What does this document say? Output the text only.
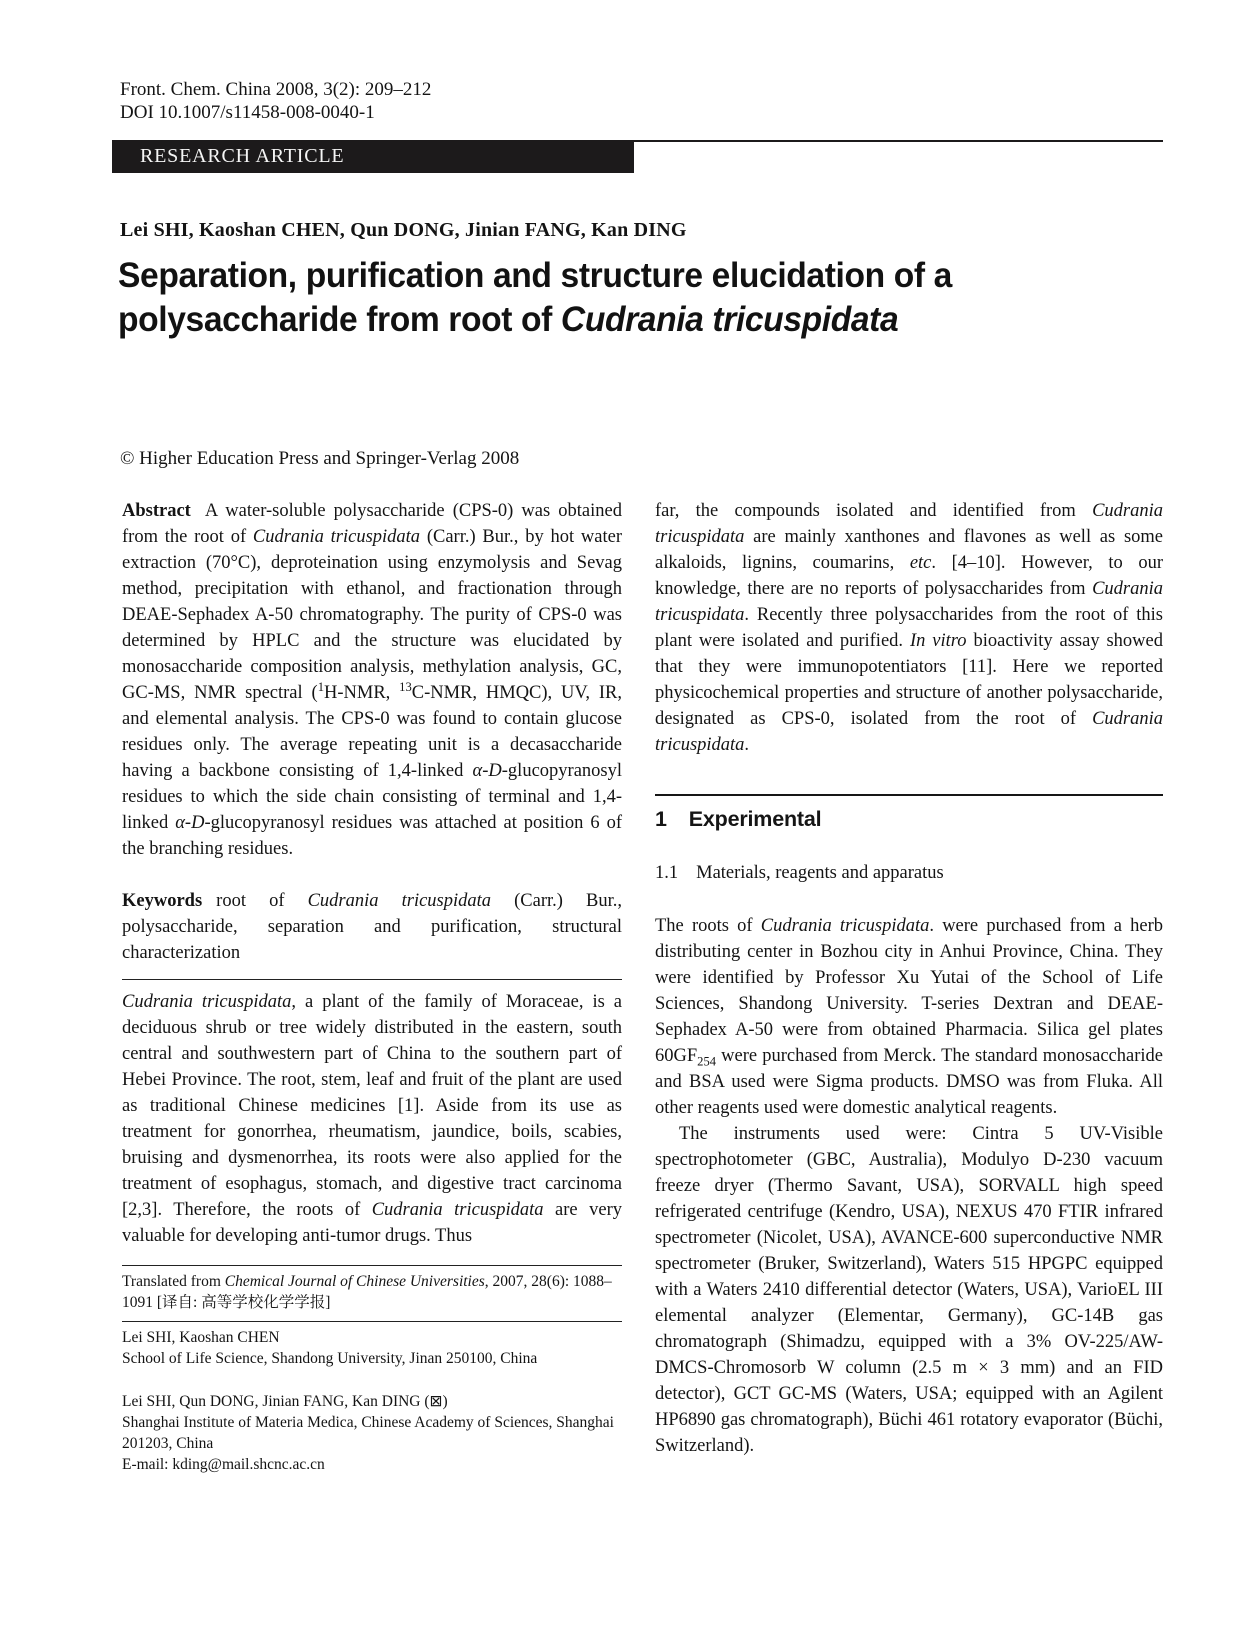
Front. Chem. China 2008, 3(2): 209–212
DOI 10.1007/s11458-008-0040-1
RESEARCH ARTICLE
Lei SHI, Kaoshan CHEN, Qun DONG, Jinian FANG, Kan DING
Separation, purification and structure elucidation of a
polysaccharide from root of Cudrania tricuspidata
© Higher Education Press and Springer-Verlag 2008

Abstract A water-soluble polysaccharide (CPS-0) was obtained from the root of Cudrania tricuspidata (Carr.) Bur., by hot water extraction (70°C), deproteination using enzymolysis and Sevag method, precipitation with ethanol, and fractionation through DEAE-Sephadex A-50 chromatography. The purity of CPS-0 was determined by HPLC and the structure was elucidated by monosaccharide composition analysis, methylation analysis, GC, GC-MS, NMR spectral ($^1$H-NMR, $^{13}$C-NMR, HMQC), UV, IR, and elemental analysis. The CPS-0 was found to contain glucose residues only. The average repeating unit is a decasaccharide having a backbone consisting of 1,4-linked α-D-glucopyranosyl residues to which the side chain consisting of terminal and 1,4-linked α-D-glucopyranosyl residues was attached at position 6 of the branching residues.

Keywords root of Cudrania tricuspidata (Carr.) Bur., polysaccharide, separation and purification, structural characterization

Cudrania tricuspidata, a plant of the family of Moraceae, is a deciduous shrub or tree widely distributed in the eastern, south central and southwestern part of China to the southern part of Hebei Province. The root, stem, leaf and fruit of the plant are used as traditional Chinese medicines [1]. Aside from its use as treatment for gonorrhea, rheumatism, jaundice, boils, scabies, bruising and dysmenorrhea, its roots were also applied for the treatment of esophagus, stomach, and digestive tract carcinoma [2,3]. Therefore, the roots of Cudrania tricuspidata are very valuable for developing anti-tumor drugs. Thus

Translated from Chemical Journal of Chinese Universities, 2007, 28(6): 1088–1091 [译自: 高等学校化学学报]
Lei SHI, Kaoshan CHEN
School of Life Science, Shandong University, Jinan 250100, China
Lei SHI, Qun DONG, Jinian FANG, Kan DING (⊠)
Shanghai Institute of Materia Medica, Chinese Academy of Sciences, Shanghai 201203, China
E-mail: kding@mail.shcnc.ac.cn

far, the compounds isolated and identified from Cudrania tricuspidata are mainly xanthones and flavones as well as some alkaloids, lignins, coumarins, etc. [4–10]. However, to our knowledge, there are no reports of polysaccharides from Cudrania tricuspidata. Recently three polysaccharides from the root of this plant were isolated and purified. In vitro bioactivity assay showed that they were immunopotentiators [11]. Here we reported physicochemical properties and structure of another polysaccharide, designated as CPS-0, isolated from the root of Cudrania tricuspidata.

1 Experimental
1.1 Materials, reagents and apparatus

The roots of Cudrania tricuspidata. were purchased from a herb distributing center in Bozhou city in Anhui Province, China. They were identified by Professor Xu Yutai of the School of Life Sciences, Shandong University. T-series Dextran and DEAE-Sephadex A-50 were from obtained Pharmacia. Silica gel plates $60GF_{254}$ were purchased from Merck. The standard monosaccharide and BSA used were Sigma products. DMSO was from Fluka. All other reagents used were domestic analytical reagents.

The instruments used were: Cintra 5 UV-Visible spectrophotometer (GBC, Australia), Modulyo D-230 vacuum freeze dryer (Thermo Savant, USA), SORVALL high speed refrigerated centrifuge (Kendro, USA), NEXUS 470 FTIR infrared spectrometer (Nicolet, USA), AVANCE-600 superconductive NMR spectrometer (Bruker, Switzerland), Waters 515 HPGPC equipped with a Waters 2410 differential detector (Waters, USA), VarioEL III elemental analyzer (Elementar, Germany), GC-14B gas chromatograph (Shimadzu, equipped with a 3% OV-225/AW-DMCS-Chromosorb W column (2.5 m × 3 mm) and an FID detector), GCT GC-MS (Waters, USA; equipped with an Agilent HP6890 gas chromatograph), Büchi 461 rotatory evaporator (Büchi, Switzerland).
